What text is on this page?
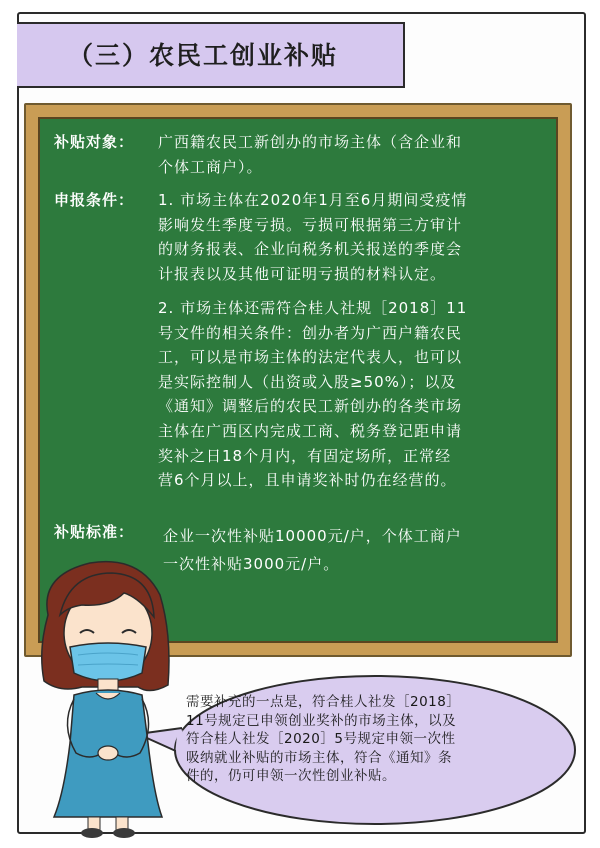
（三）农民工创业补贴
补贴对象： 广西籍农民工新创办的市场主体（含企业和
个体工商户）。
申报条件： 1. 市场主体在2020年1月至6月期间受疫情
影响发生季度亏损。亏损可根据第三方审计
的财务报表、企业向税务机关报送的季度会
计报表以及其他可证明亏损的材料认定。
2. 市场主体还需符合桂人社规［2018］11
号文件的相关条件：创办者为广西户籍农民
工，可以是市场主体的法定代表人，也可以
是实际控制人（出资或入股≥50%）；以及
《通知》调整后的农民工新创办的各类市场
主体在广西区内完成工商、税务登记距申请
奖补之日18个月内，有固定场所，正常经
营6个月以上，且申请奖补时仍在经营的。
补贴标准： 企业一次性补贴10000元/户，个体工商户
一次性补贴3000元/户。
需要补充的一点是，符合桂人社发［2018］
11号规定已申领创业奖补的市场主体，以及
符合桂人社发［2020］5号规定申领一次性
吸纳就业补贴的市场主体，符合《通知》条
件的，仍可申领一次性创业补贴。
